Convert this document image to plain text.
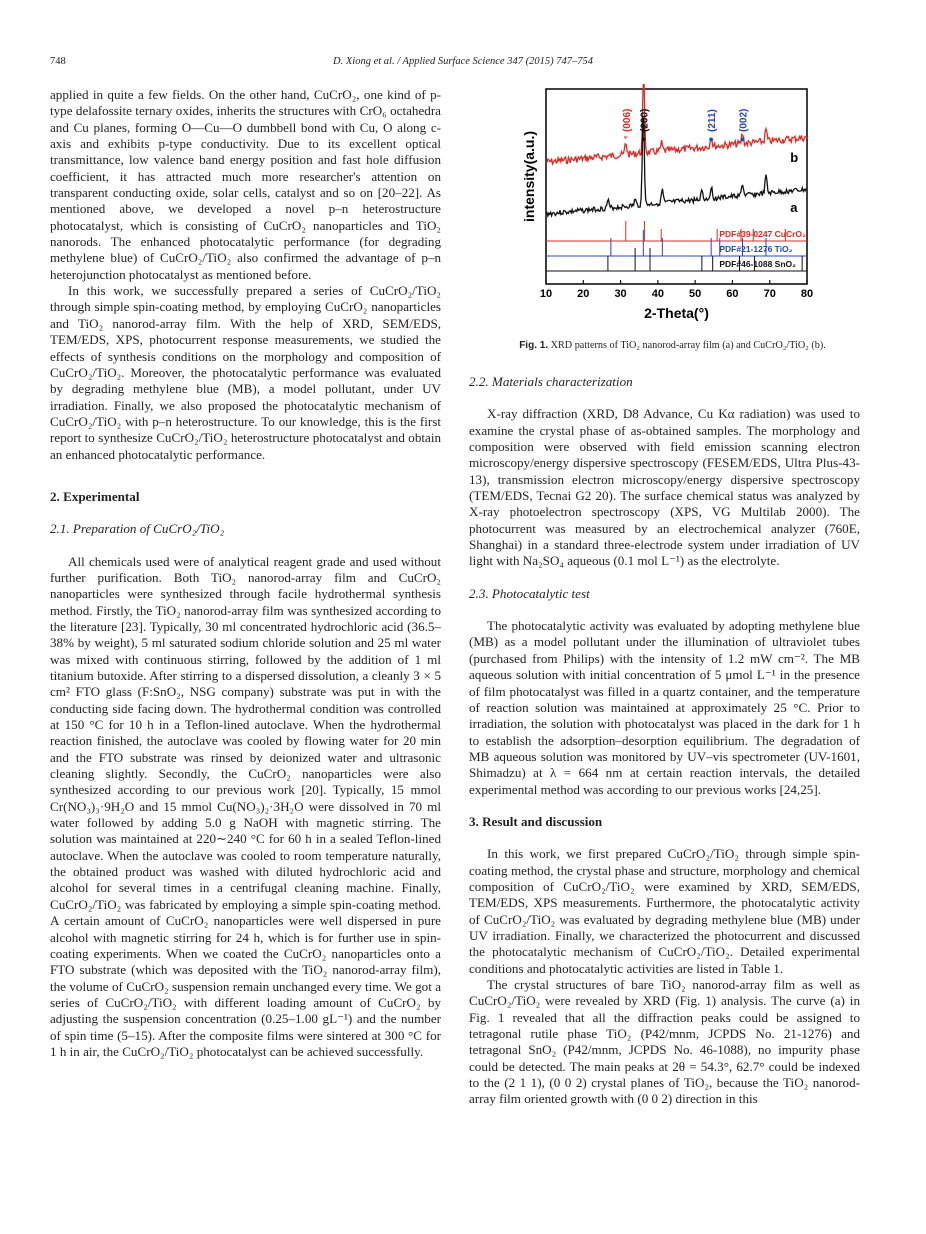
748	D. Xiong et al. / Applied Surface Science 347 (2015) 747–754

applied in quite a few fields. On the other hand, CuCrO₂, one kind of p-type delafossite ternary oxides, inherits the structures with CrO₆ octahedra and Cu planes, forming O—Cu—O dumbbell bond with Cu, O along c-axis and exhibits p-type conductivity. Due to its excellent optical transmittance, low valence band energy position and fast hole diffusion coefficient, it has attracted much more researcher's attention on transparent conducting oxide, solar cells, catalyst and so on [20–22]. As mentioned above, we developed a novel p–n heterostructure photocatalyst, which is consisting of CuCrO₂ nanoparticles and TiO₂ nanorods. The enhanced photocatalytic performance (for degrading methylene blue) of CuCrO₂/TiO₂ also confirmed the advantage of p–n heterojunction photocatalyst as mentioned before.

In this work, we successfully prepared a series of CuCrO₂/TiO₂ through simple spin-coating method, by employing CuCrO₂ nanoparticles and TiO₂ nanorod-array film. With the help of XRD, SEM/EDS, TEM/EDS, XPS, photocurrent response measurements, we studied the effects of synthesis conditions on the morphology and composition of CuCrO₂/TiO₂. Moreover, the photocatalytic performance was evaluated by degrading methylene blue (MB), a model pollutant, under UV irradiation. Finally, we also proposed the photocatalytic mechanism of CuCrO₂/TiO₂ with p–n heterostructure. To our knowledge, this is the first report to synthesize CuCrO₂/TiO₂ heterostructure photocatalyst and obtain an enhanced photocatalytic performance.

2. Experimental

2.1. Preparation of CuCrO₂/TiO₂

All chemicals used were of analytical reagent grade and used without further purification. Both TiO₂ nanorod-array film and CuCrO₂ nanoparticles were synthesized through facile hydrothermal synthesis method. Firstly, the TiO₂ nanorod-array film was synthesized according to the literature [23]. Typically, 30 ml concentrated hydrochloric acid (36.5–38% by weight), 5 ml saturated sodium chloride solution and 25 ml water was mixed with continuous stirring, followed by the addition of 1 ml titanium butoxide. After stirring to a dispersed dissolution, a cleanly 3 × 5 cm² FTO glass (F:SnO₂, NSG company) substrate was put in with the conducting side facing down. The hydrothermal condition was controlled at 150 °C for 10 h in a Teflon-lined autoclave. When the hydrothermal reaction finished, the autoclave was cooled by flowing water for 20 min and the FTO substrate was rinsed by deionized water and ultrasonic cleaning slightly. Secondly, the CuCrO₂ nanoparticles were also synthesized according to our previous work [20]. Typically, 15 mmol Cr(NO₃)₃·9H₂O and 15 mmol Cu(NO₃)₂·3H₂O were dissolved in 70 ml water followed by adding 5.0 g NaOH with magnetic stirring. The solution was maintained at 220∼240 °C for 60 h in a sealed Teflon-lined autoclave. When the autoclave was cooled to room temperature naturally, the obtained product was washed with diluted hydrochloric acid and alcohol for several times in a centrifugal cleaning machine. Finally, CuCrO₂/TiO₂ was fabricated by employing a simple spin-coating method. A certain amount of CuCrO₂ nanoparticles were well dispersed in pure alcohol with magnetic stirring for 24 h, which is for further use in spin-coating experiments. When we coated the CuCrO₂ nanoparticles onto a FTO substrate (which was deposited with the TiO₂ nanorod-array film), the volume of CuCrO₂ suspension remain unchanged every time. We got a series of CuCrO₂/TiO₂ with different loading amount of CuCrO₂ by adjusting the suspension concentration (0.25–1.00 gL⁻¹) and the number of spin time (5–15). After the composite films were sintered at 300 °C for 1 h in air, the CuCrO₂/TiO₂ photocatalyst can be achieved successfully.

10 20 30 40 50 60 70 80
2-Theta(°)
intensity(a.u.)	b
a
(006)
*
(200)
♦
(211)
●
(002)
●
PDF#39-0247 CuCrO₂
PDF#21-1276 TiO₂
PDF#46-1088 SnO₂
Fig. 1. XRD patterns of TiO₂ nanorod-array film (a) and CuCrO₂/TiO₂ (b).

2.2. Materials characterization

X-ray diffraction (XRD, D8 Advance, Cu Kα radiation) was used to examine the crystal phase of as-obtained samples. The morphology and composition were observed with field emission scanning electron microscopy/energy dispersive spectroscopy (FESEM/EDS, Ultra Plus-43-13), transmission electron microscopy/energy dispersive spectroscopy (TEM/EDS, Tecnai G2 20). The surface chemical status was analyzed by X-ray photoelectron spectroscopy (XPS, VG Multilab 2000). The photocurrent was measured by an electrochemical analyzer (760E, Shanghai) in a standard three-electrode system under irradiation of UV light with Na₂SO₄ aqueous (0.1 mol L⁻¹) as the electrolyte.

2.3. Photocatalytic test

The photocatalytic activity was evaluated by adopting methylene blue (MB) as a model pollutant under the illumination of ultraviolet tubes (purchased from Philips) with the intensity of 1.2 mW cm⁻². The MB aqueous solution with initial concentration of 5 μmol L⁻¹ in the presence of film photocatalyst was filled in a quartz container, and the temperature of reaction solution was maintained at approximately 25 °C. Prior to irradiation, the solution with photocatalyst was placed in the dark for 1 h to establish the adsorption–desorption equilibrium. The degradation of MB aqueous solution was monitored by UV–vis spectrometer (UV-1601, Shimadzu) at λ = 664 nm at certain reaction intervals, the detailed experimental method was according to our previous works [24,25].

3. Result and discussion

In this work, we first prepared CuCrO₂/TiO₂ through simple spin-coating method, the crystal phase and structure, morphology and chemical composition of CuCrO₂/TiO₂ were examined by XRD, SEM/EDS, TEM/EDS, XPS measurements. Furthermore, the photocatalytic activity of CuCrO₂/TiO₂ was evaluated by degrading methylene blue (MB) under UV irradiation. Finally, we characterized the photocurrent and discussed the photocatalytic mechanism of CuCrO₂/TiO₂. Detailed experimental conditions and photocatalytic activities are listed in Table 1.

The crystal structures of bare TiO₂ nanorod-array film as well as CuCrO₂/TiO₂ were revealed by XRD (Fig. 1) analysis. The curve (a) in Fig. 1 revealed that all the diffraction peaks could be assigned to tetragonal rutile phase TiO₂ (P42/mnm, JCPDS No. 21-1276) and tetragonal SnO₂ (P42/mnm, JCPDS No. 46-1088), no impurity phase could be detected. The main peaks at 2θ = 54.3°, 62.7° could be indexed to the (2 1 1), (0 0 2) crystal planes of TiO₂, because the TiO₂ nanorod-array film oriented growth with (0 0 2) direction in this
